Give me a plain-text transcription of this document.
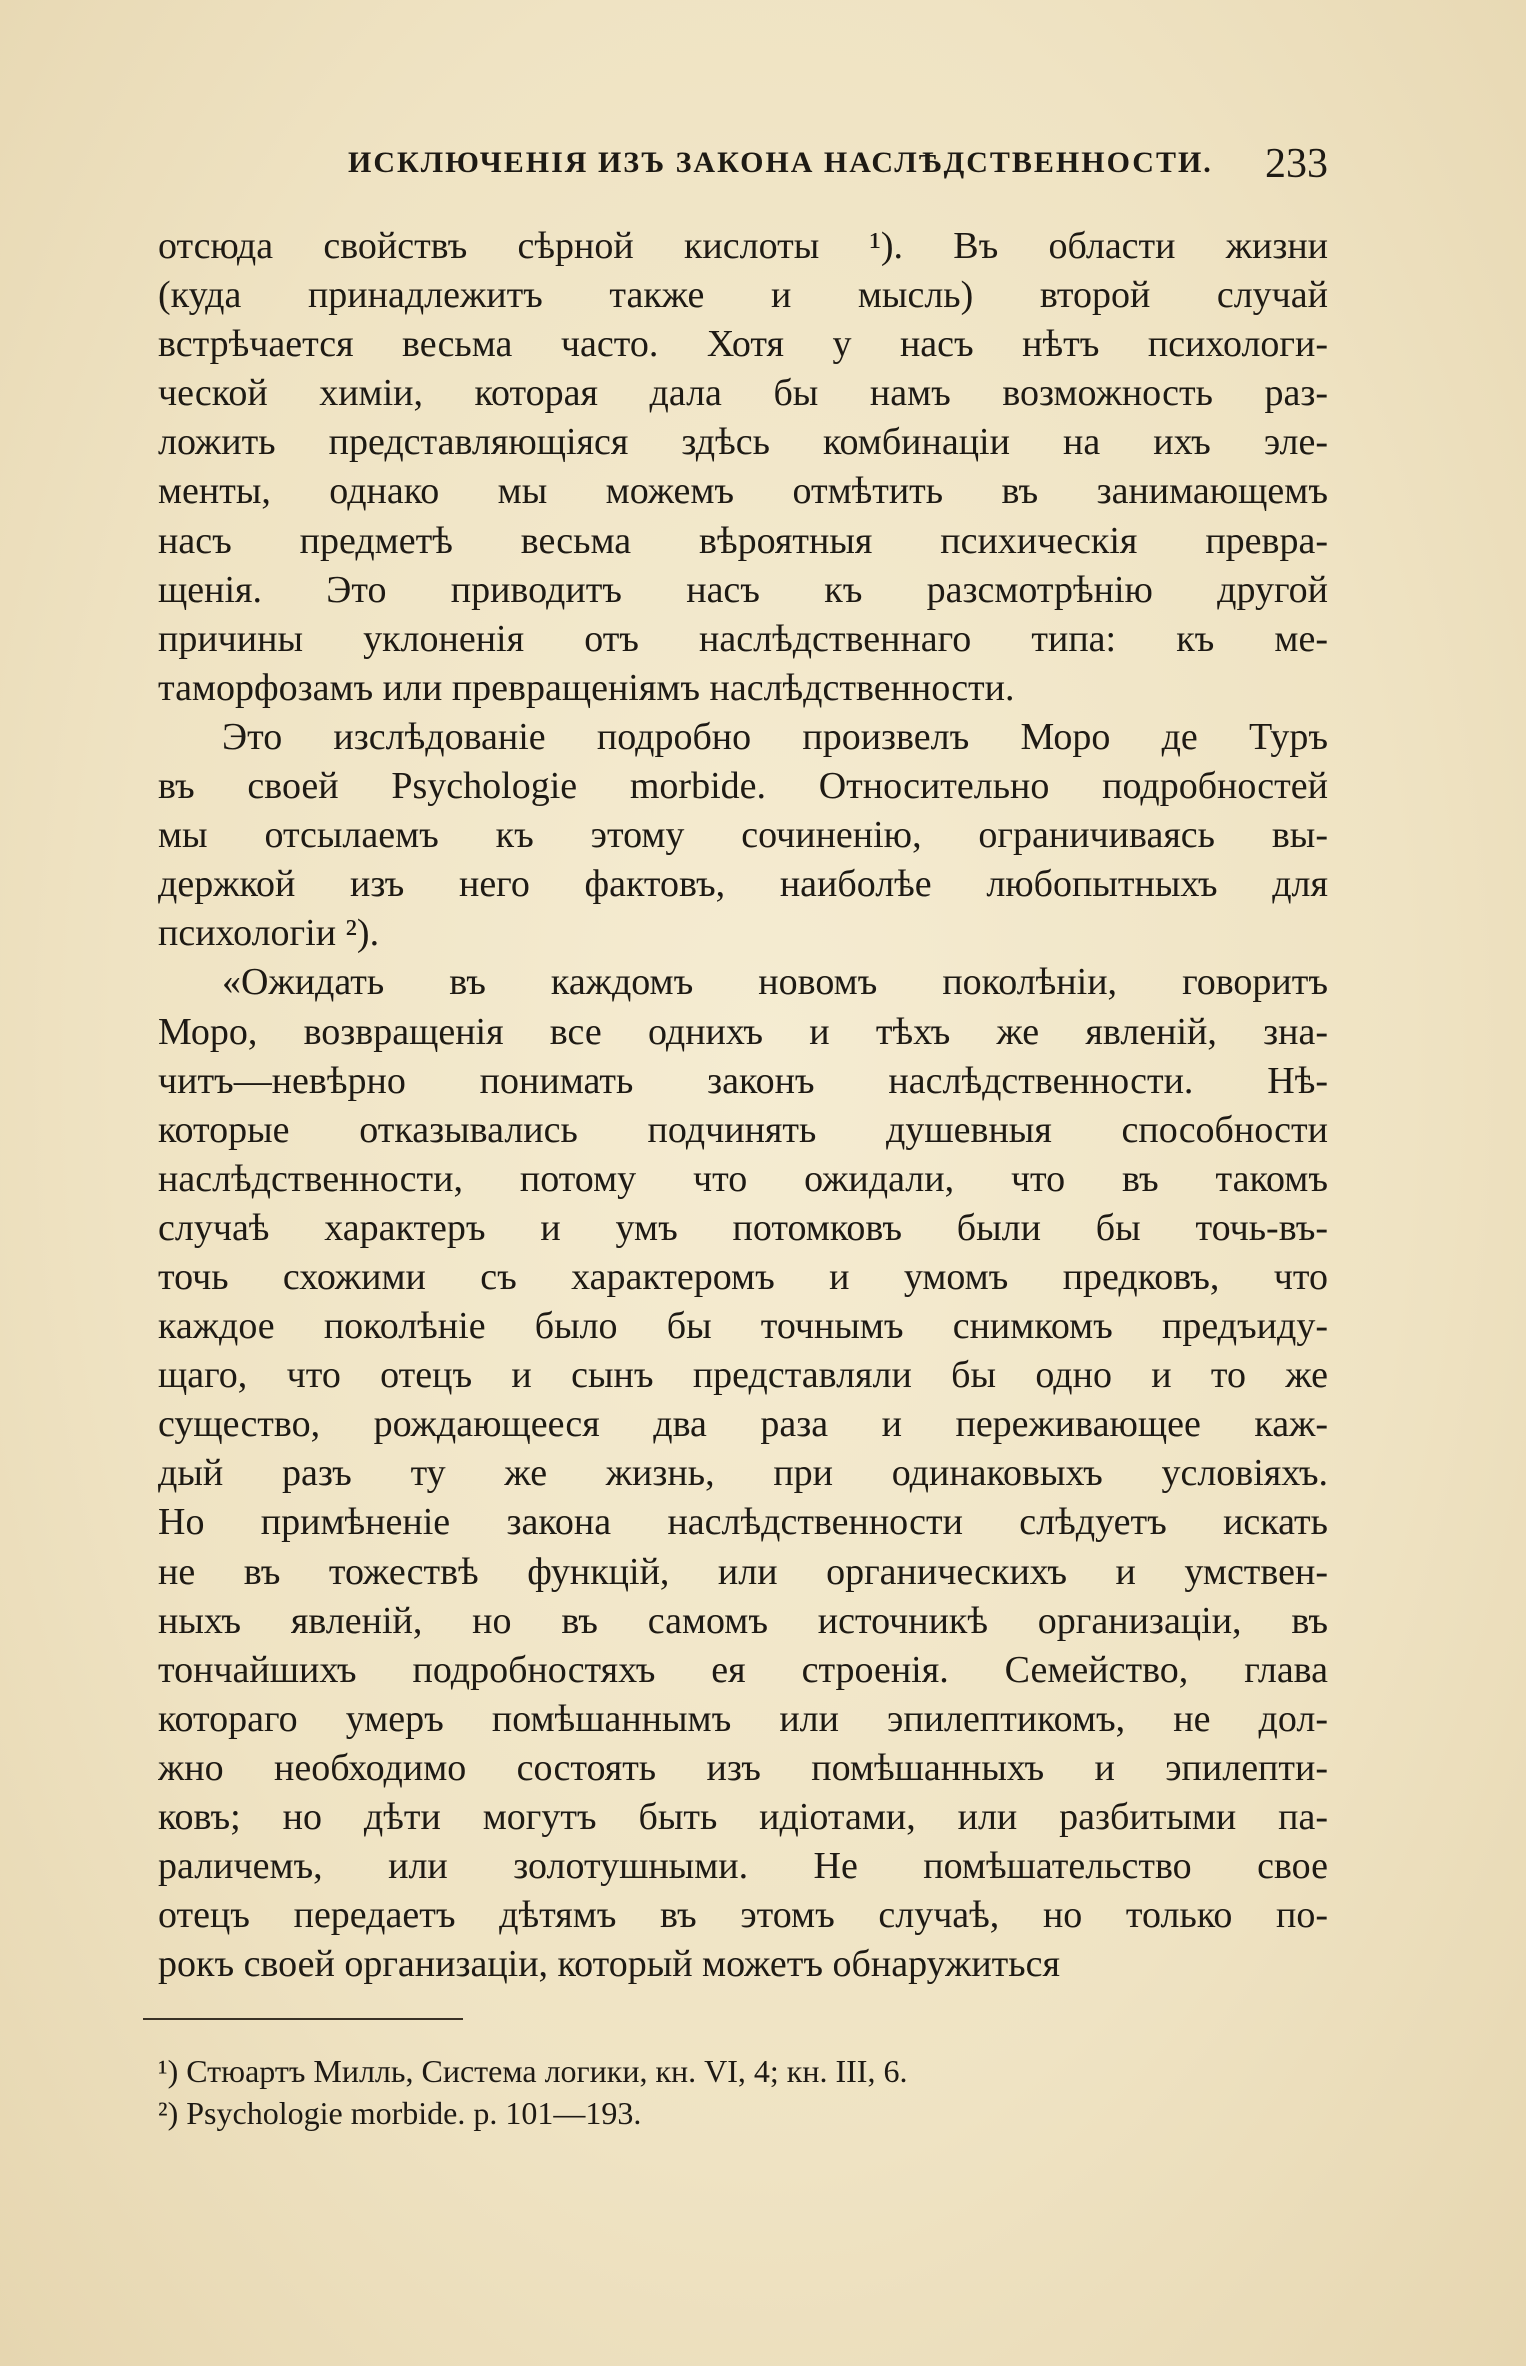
ИСКЛЮЧЕНІЯ ИЗЪ ЗАКОНА НАСЛѢДСТВЕННОСТИ. 233
отсюда свойствъ сѣрной кислоты ¹). Въ области жизни
(куда принадлежитъ также и мысль) второй случай
встрѣчается весьма часто. Хотя у насъ нѣтъ психологи-
ческой химіи, которая дала бы намъ возможность раз-
ложить представляющіяся здѣсь комбинаціи на ихъ эле-
менты, однако мы можемъ отмѣтить въ занимающемъ
насъ предметѣ весьма вѣроятныя психическія превра-
щенія. Это приводитъ насъ къ разсмотрѣнію другой
причины уклоненія отъ наслѣдственнаго типа: къ ме-
таморфозамъ или превращеніямъ наслѣдственности.
Это изслѣдованіе подробно произвелъ Моро де Туръ
въ своей Psychologie morbide. Относительно подробностей
мы отсылаемъ къ этому сочиненію, ограничиваясь вы-
держкой изъ него фактовъ, наиболѣе любопытныхъ для
психологіи ²).
«Ожидать въ каждомъ новомъ поколѣніи, говоритъ
Моро, возвращенія все однихъ и тѣхъ же явленій, зна-
читъ—невѣрно понимать законъ наслѣдственности. Нѣ-
которые отказывались подчинять душевныя способности
наслѣдственности, потому что ожидали, что въ такомъ
случаѣ характеръ и умъ потомковъ были бы точь-въ-
точь схожими съ характеромъ и умомъ предковъ, что
каждое поколѣніе было бы точнымъ снимкомъ предъиду-
щаго, что отецъ и сынъ представляли бы одно и то же
существо, рождающееся два раза и переживающее каж-
дый разъ ту же жизнь, при одинаковыхъ условіяхъ.
Но примѣненіе закона наслѣдственности слѣдуетъ искать
не въ тожествѣ функцій, или органическихъ и умствен-
ныхъ явленій, но въ самомъ источникѣ организаціи, въ
тончайшихъ подробностяхъ ея строенія. Семейство, глава
котораго умеръ помѣшаннымъ или эпилептикомъ, не дол-
жно необходимо состоять изъ помѣшанныхъ и эпилепти-
ковъ; но дѣти могутъ быть идіотами, или разбитыми па-
раличемъ, или золотушными. Не помѣшательство свое
отецъ передаетъ дѣтямъ въ этомъ случаѣ, но только по-
рокъ своей организаціи, который можетъ обнаружиться
¹) Стюартъ Милль, Система логики, кн. VI, 4; кн. III, 6.
²) Psychologie morbide. p. 101—193.
